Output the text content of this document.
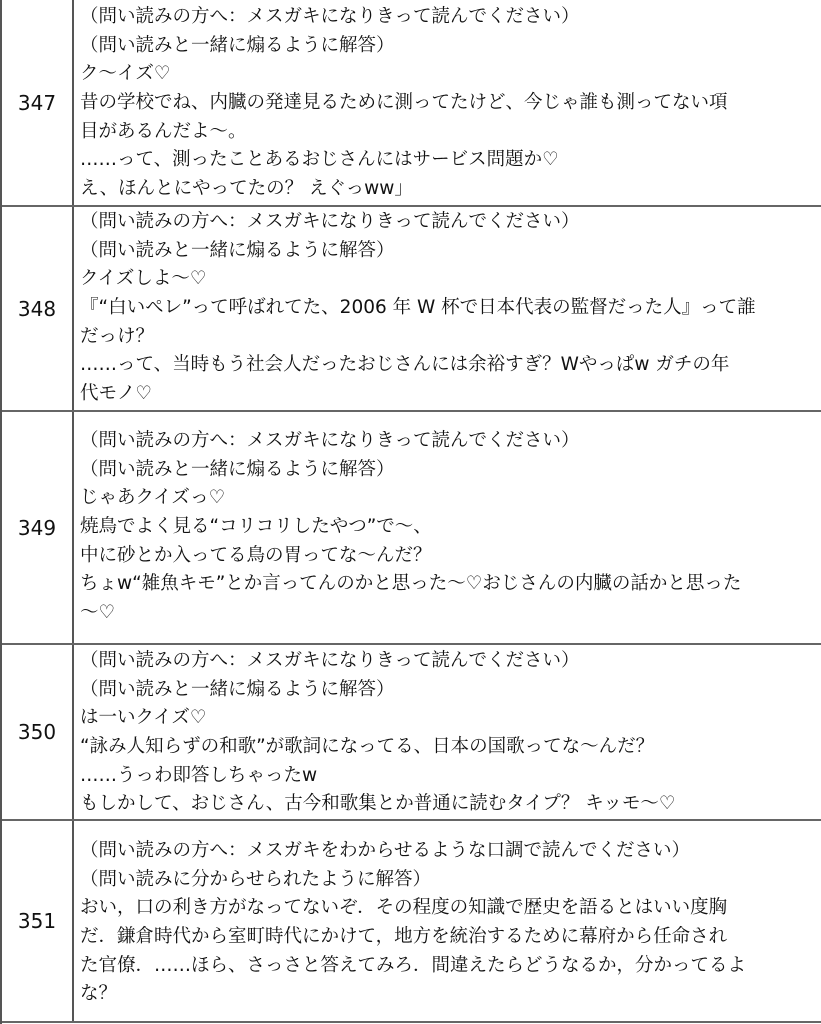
347
（問い読みの方へ：メスガキになりきって読んでください）
（問い読みと一緒に煽るように解答）
ク～イズ♡
昔の学校でね、内臓の発達見るために測ってたけど、今じゃ誰も測ってない項
目があるんだよ～。
……って、測ったことあるおじさんにはサービス問題か♡
え、ほんとにやってたの？ えぐっww」
348
（問い読みの方へ：メスガキになりきって読んでください）
（問い読みと一緒に煽るように解答）
クイズしよ～♡
『“白いペレ”って呼ばれてた、2006 年 W 杯で日本代表の監督だった人』って誰
だっけ？
……って、当時もう社会人だったおじさんには余裕すぎ？Wやっぱw ガチの年
代モノ♡
349
（問い読みの方へ：メスガキになりきって読んでください）
（問い読みと一緒に煽るように解答）
じゃあクイズっ♡
焼鳥でよく見る“コリコリしたやつ”で～、
中に砂とか入ってる鳥の胃ってな～んだ？
ちょw“雑魚キモ”とか言ってんのかと思った～♡おじさんの内臓の話かと思った
～♡
350
（問い読みの方へ：メスガキになりきって読んでください）
（問い読みと一緒に煽るように解答）
は一いクイズ♡
“詠み人知らずの和歌”が歌詞になってる、日本の国歌ってな～んだ？
……うっわ即答しちゃったw
もしかして、おじさん、古今和歌集とか普通に読むタイプ？ キッモ～♡
351
（問い読みの方へ：メスガキをわからせるような口調で読んでください）
（問い読みに分からせられたように解答）
おい，口の利き方がなってないぞ．その程度の知識で歴史を語るとはいい度胸
だ．鎌倉時代から室町時代にかけて，地方を統治するために幕府から任命され
た官僚．……ほら、さっさと答えてみろ．間違えたらどうなるか，分かってるよ
な？
